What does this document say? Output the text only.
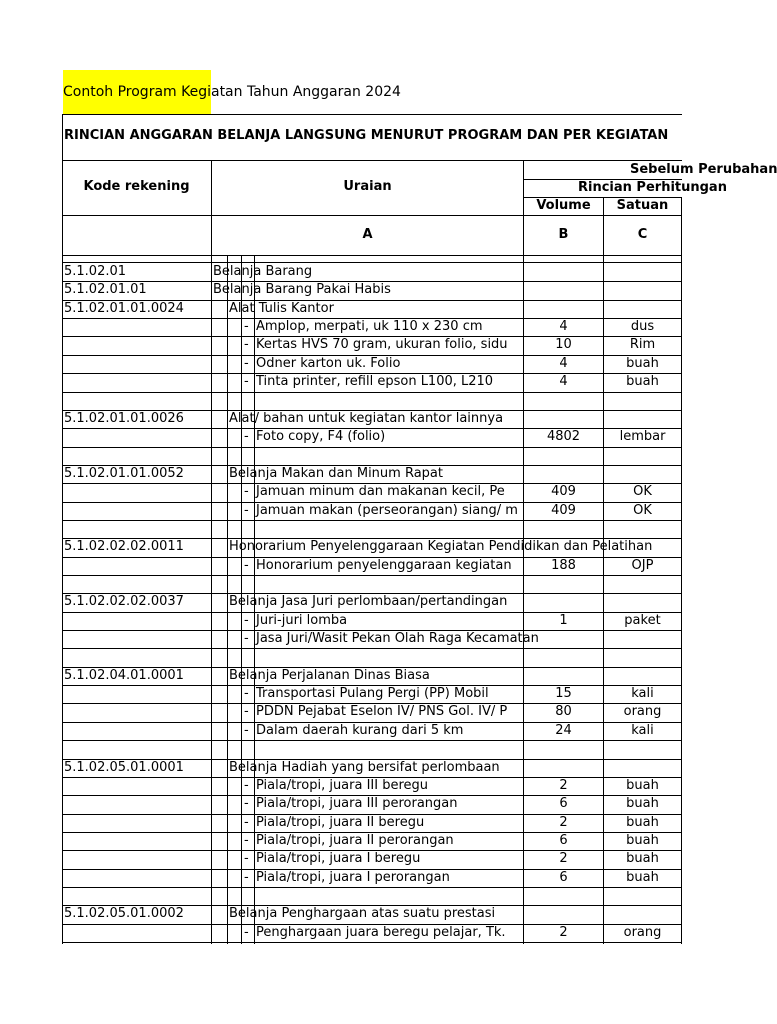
Contoh Program Kegiatan Tahun Anggaran 2024
RINCIAN ANGGARAN BELANJA LANGSUNG MENURUT PROGRAM DAN PER KEGIATAN
Kode rekening	Uraian
Sebelum Perubahan
Rincian Perhitungan
Volume	Satuan
A	B	C
5.1.02.01	Belanja Barang
5.1.02.01.01	Belanja Barang Pakai Habis
5.1.02.01.01.0024	Alat Tulis Kantor
- Amplop, merpati, uk 110 x 230 cm	4	dus
- Kertas HVS 70 gram, ukuran folio, sidu	10	Rim
- Odner karton uk. Folio	4	buah
- Tinta printer, refill epson L100, L210	4	buah
5.1.02.01.01.0026	Alat/ bahan untuk kegiatan kantor lainnya
- Foto copy, F4 (folio)	4802	lembar
5.1.02.01.01.0052	Belanja Makan dan Minum Rapat
- Jamuan minum dan makanan kecil, Pe	409	OK
- Jamuan makan (perseorangan) siang/ m	409	OK
5.1.02.02.02.0011	Honorarium Penyelenggaraan Kegiatan Pendidikan dan Pelatihan
- Honorarium penyelenggaraan kegiatan	188	OJP
5.1.02.02.02.0037	Belanja Jasa Juri perlombaan/pertandingan
- Juri-juri lomba	1	paket
- Jasa Juri/Wasit Pekan Olah Raga Kecamatan
5.1.02.04.01.0001	Belanja Perjalanan Dinas Biasa
- Transportasi Pulang Pergi (PP) Mobil	15	kali
- PDDN Pejabat Eselon IV/ PNS Gol. IV/ P	80	orang
- Dalam daerah kurang dari 5 km	24	kali
5.1.02.05.01.0001	Belanja Hadiah yang bersifat perlombaan
- Piala/tropi, juara III beregu	2	buah
- Piala/tropi, juara III perorangan	6	buah
- Piala/tropi, juara II beregu	2	buah
- Piala/tropi, juara II perorangan	6	buah
- Piala/tropi, juara I beregu	2	buah
- Piala/tropi, juara I perorangan	6	buah
5.1.02.05.01.0002	Belanja Penghargaan atas suatu prestasi
- Penghargaan juara beregu pelajar, Tk.	2	orang
